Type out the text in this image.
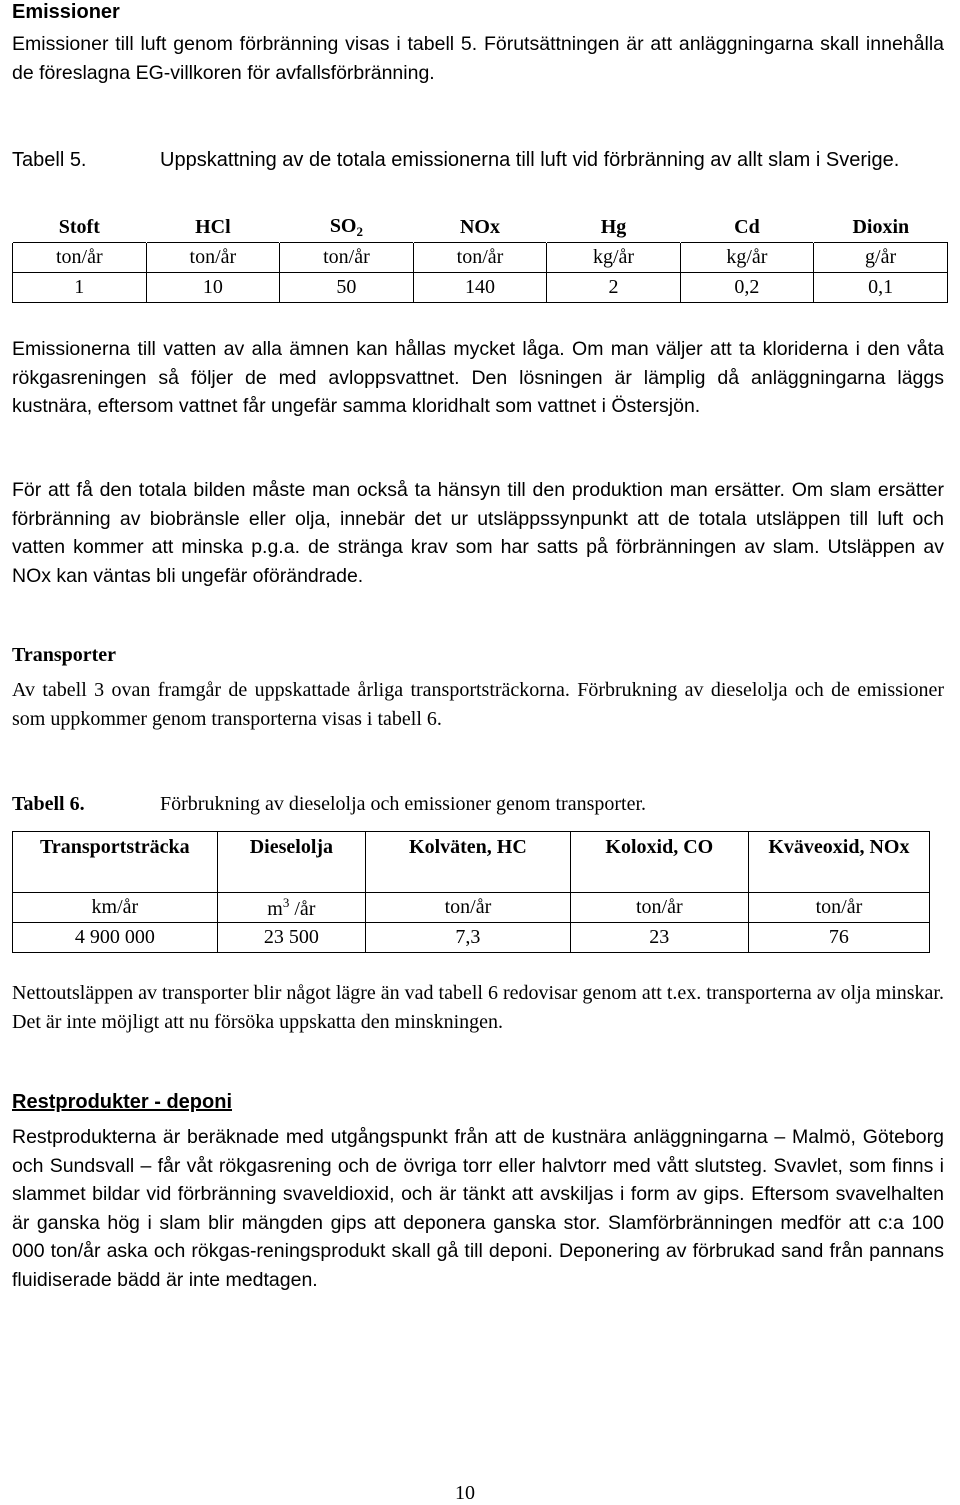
Emissioner

Emissioner till luft genom förbränning visas i tabell 5. Förutsättningen är att anläggningarna skall innehålla de föreslagna EG-villkoren för avfallsförbränning.

Tabell 5.	Uppskattning av de totala emissionerna till luft vid förbränning av allt slam i Sverige.
Stoft	HCl	$SO_2$	NOx	Hg	Cd	Dioxin
ton/år	ton/år	ton/år	ton/år	kg/år	kg/år	g/år
1	10	50	140	2	0,2	0,1

Emissionerna till vatten av alla ämnen kan hållas mycket låga. Om man väljer att ta kloriderna i den våta rökgasreningen så följer de med avloppsvattnet. Den lösningen är lämplig då anläggningarna läggs kustnära, eftersom vattnet får ungefär samma kloridhalt som vattnet i Östersjön.

För att få den totala bilden måste man också ta hänsyn till den produktion man ersätter. Om slam ersätter förbränning av biobränsle eller olja, innebär det ur utsläppssynpunkt att de totala utsläppen till luft och vatten kommer att minska p.g.a. de stränga krav som har satts på förbränningen av slam. Utsläppen av NOx kan väntas bli ungefär oförändrade.

Transporter

Av tabell 3 ovan framgår de uppskattade årliga transportsträckorna. Förbrukning av dieselolja och de emissioner som uppkommer genom transporterna visas i tabell 6.

Tabell 6.	Förbrukning av dieselolja och emissioner genom transporter.
Transportsträcka	Dieselolja	Kolväten, HC	Koloxid, CO	Kväveoxid, NOx
km/år	$m^3$ /år	ton/år	ton/år	ton/år
4 900 000	23 500	7,3	23	76

Nettoutsläppen av transporter blir något lägre än vad tabell 6 redovisar genom att t.ex. transporterna av olja minskar. Det är inte möjligt att nu försöka uppskatta den minskningen.

Restprodukter - deponi

Restprodukterna är beräknade med utgångspunkt från att de kustnära anläggningarna – Malmö, Göteborg och Sundsvall – får våt rökgasrening och de övriga torr eller halvtorr med vått slutsteg. Svavlet, som finns i slammet bildar vid förbränning svaveldioxid, och är tänkt att avskiljas i form av gips. Eftersom svavelhalten är ganska hög i slam blir mängden gips att deponera ganska stor. Slamförbränningen medför att c:a 100 000 ton/år aska och rökgas-reningsprodukt skall gå till deponi. Deponering av förbrukad sand från pannans fluidiserade bädd är inte medtagen.

10
